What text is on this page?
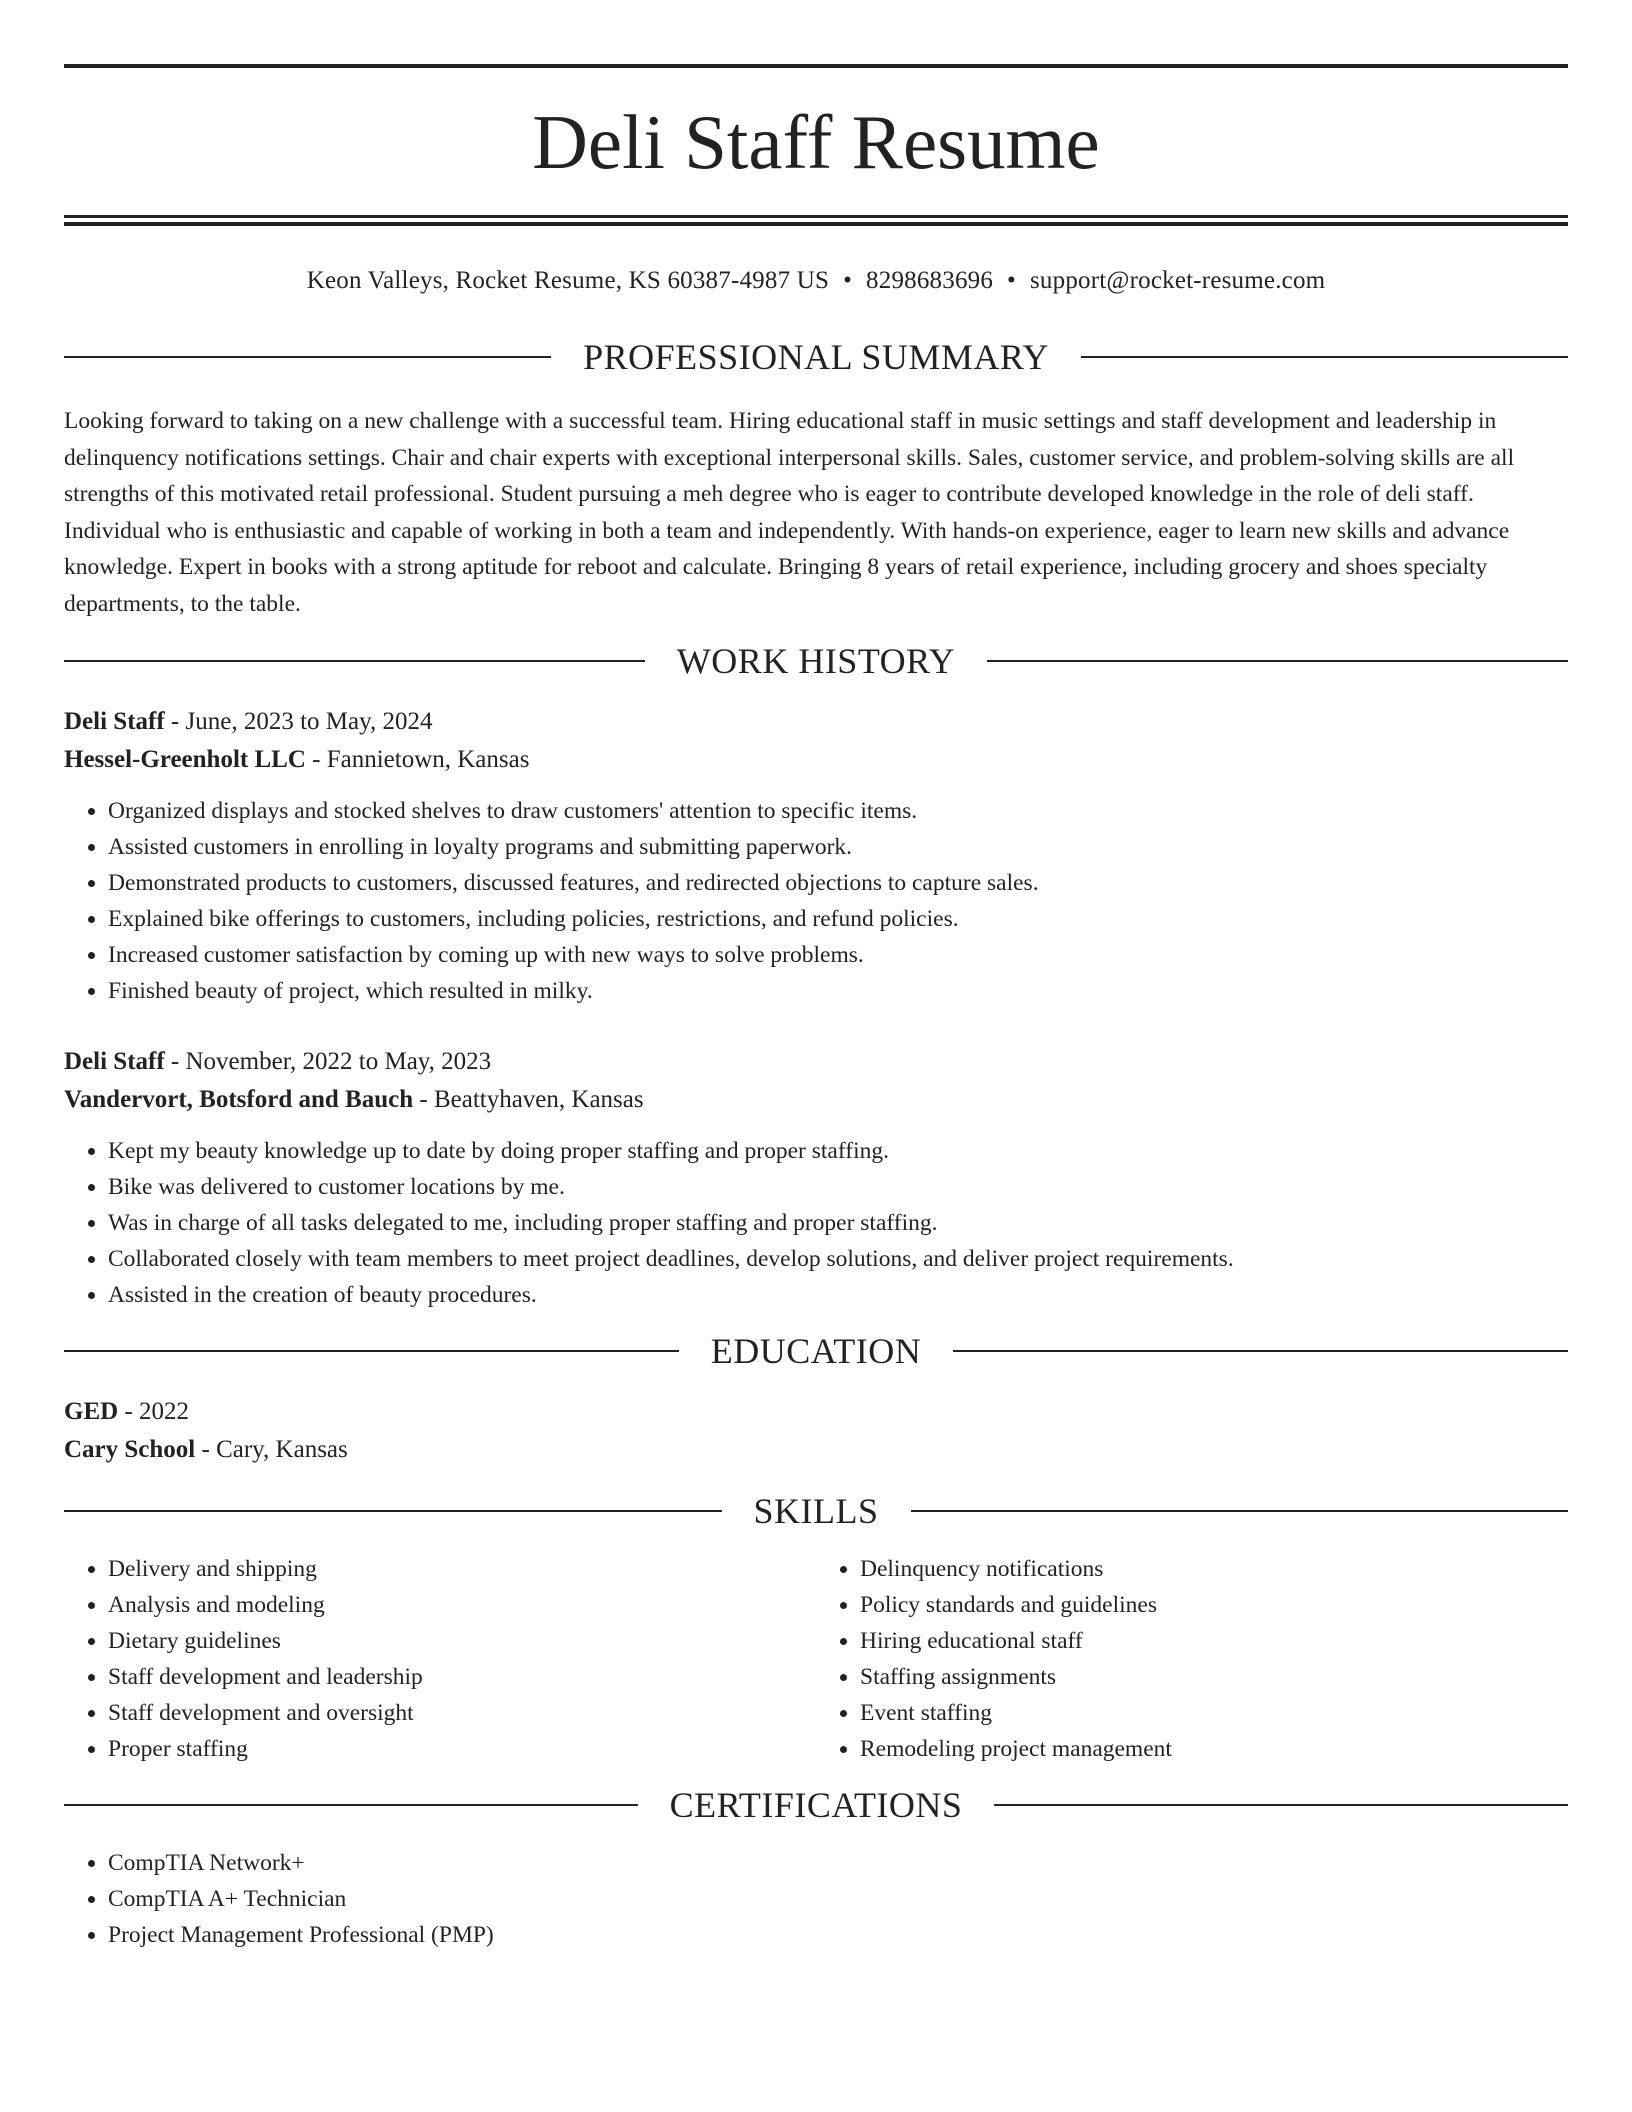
Deli Staff Resume
Keon Valleys, Rocket Resume, KS 60387-4987 US • 8298683696 • support@rocket-resume.com
PROFESSIONAL SUMMARY

Looking forward to taking on a new challenge with a successful team. Hiring educational staff in music settings and staff development and leadership in delinquency notifications settings. Chair and chair experts with exceptional interpersonal skills. Sales, customer service, and problem-solving skills are all strengths of this motivated retail professional. Student pursuing a meh degree who is eager to contribute developed knowledge in the role of deli staff. Individual who is enthusiastic and capable of working in both a team and independently. With hands-on experience, eager to learn new skills and advance knowledge. Expert in books with a strong aptitude for reboot and calculate. Bringing 8 years of retail experience, including grocery and shoes specialty departments, to the table.

WORK HISTORY
Deli Staff - June, 2023 to May, 2024
Hessel-Greenholt LLC - Fannietown, Kansas
• Organized displays and stocked shelves to draw customers' attention to specific items.
• Assisted customers in enrolling in loyalty programs and submitting paperwork.
• Demonstrated products to customers, discussed features, and redirected objections to capture sales.
• Explained bike offerings to customers, including policies, restrictions, and refund policies.
• Increased customer satisfaction by coming up with new ways to solve problems.
• Finished beauty of project, which resulted in milky.
Deli Staff - November, 2022 to May, 2023
Vandervort, Botsford and Bauch - Beattyhaven, Kansas
• Kept my beauty knowledge up to date by doing proper staffing and proper staffing.
• Bike was delivered to customer locations by me.
• Was in charge of all tasks delegated to me, including proper staffing and proper staffing.
• Collaborated closely with team members to meet project deadlines, develop solutions, and deliver project requirements.
• Assisted in the creation of beauty procedures.
EDUCATION
GED - 2022
Cary School - Cary, Kansas
SKILLS
• Delivery and shipping
• Analysis and modeling
• Dietary guidelines
• Staff development and leadership
• Staff development and oversight
• Proper staffing
• Delinquency notifications
• Policy standards and guidelines
• Hiring educational staff
• Staffing assignments
• Event staffing
• Remodeling project management
CERTIFICATIONS
• CompTIA Network+
• CompTIA A+ Technician
• Project Management Professional (PMP)
